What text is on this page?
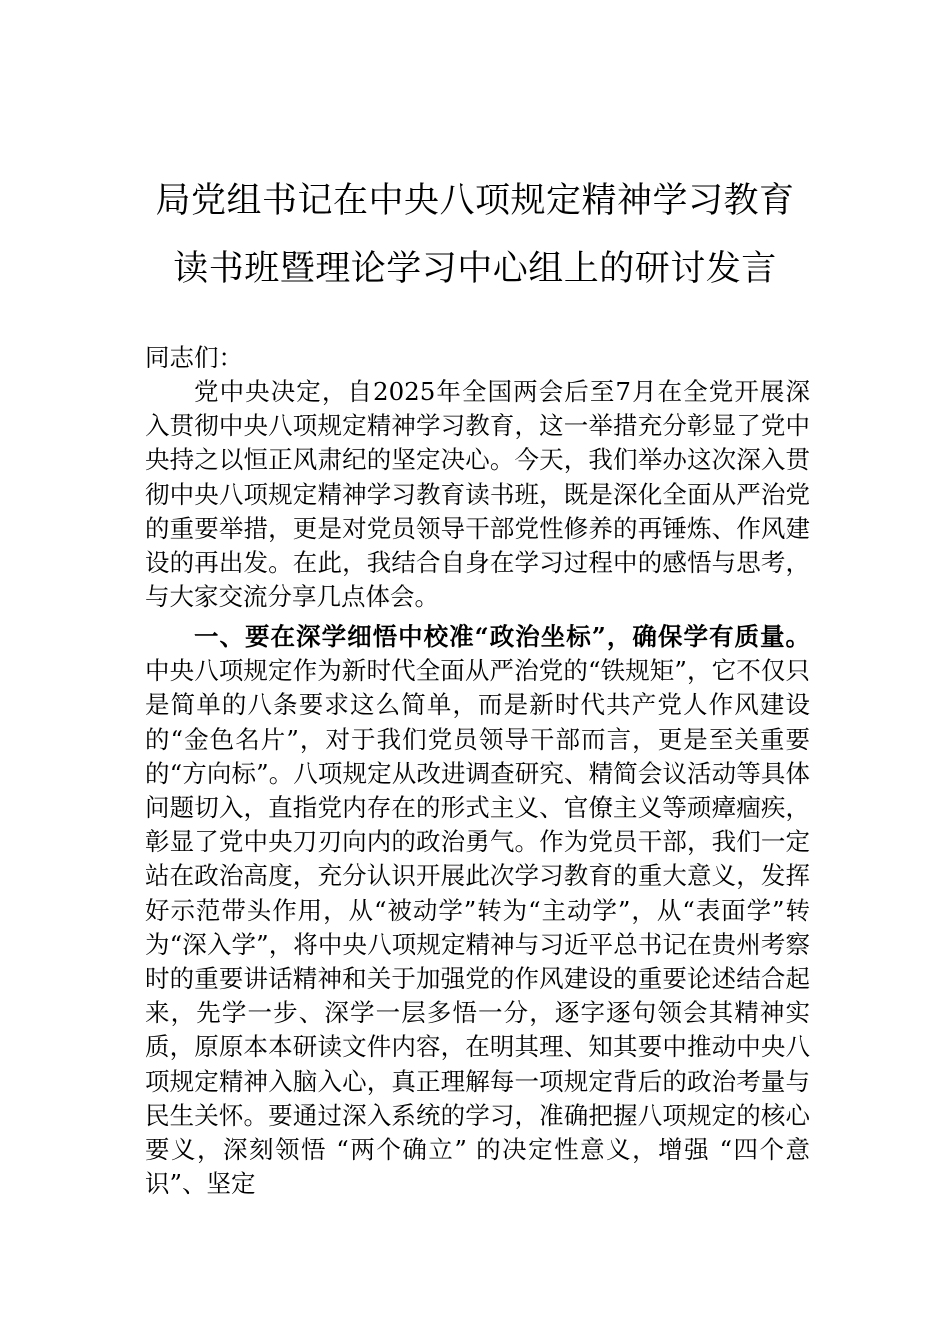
局党组书记在中央八项规定精神学习教育
读书班暨理论学习中心组上的研讨发言
同志们：

党中央决定，自2025年全国两会后至7月在全党开展深入贯彻中央八项规定精神学习教育，这一举措充分彰显了党中央持之以恒正风肃纪的坚定决心。今天，我们举办这次深入贯彻中央八项规定精神学习教育读书班，既是深化全面从严治党的重要举措，更是对党员领导干部党性修养的再锤炼、作风建设的再出发。在此，我结合自身在学习过程中的感悟与思考，与大家交流分享几点体会。

一、要在深学细悟中校准“政治坐标”，确保学有质量。中央八项规定作为新时代全面从严治党的“铁规矩”，它不仅只是简单的八条要求这么简单，而是新时代共产党人作风建设的“金色名片”，对于我们党员领导干部而言，更是至关重要的“方向标”。八项规定从改进调查研究、精简会议活动等具体问题切入，直指党内存在的形式主义、官僚主义等顽瘴痼疾，彰显了党中央刀刃向内的政治勇气。作为党员干部，我们一定站在政治高度，充分认识开展此次学习教育的重大意义，发挥好示范带头作用，从“被动学”转为“主动学”，从“表面学”转为“深入学”，将中央八项规定精神与习近平总书记在贵州考察时的重要讲话精神和关于加强党的作风建设的重要论述结合起来，先学一步、深学一层多悟一分，逐字逐句领会其精神实质，原原本本研读文件内容，在明其理、知其要中推动中央八项规定精神入脑入心，真正理解每一项规定背后的政治考量与民生关怀。要通过深入系统的学习，准确把握八项规定的核心要义，深刻领悟 “两个确立” 的决定性意义，增强 “四个意识”、坚定
